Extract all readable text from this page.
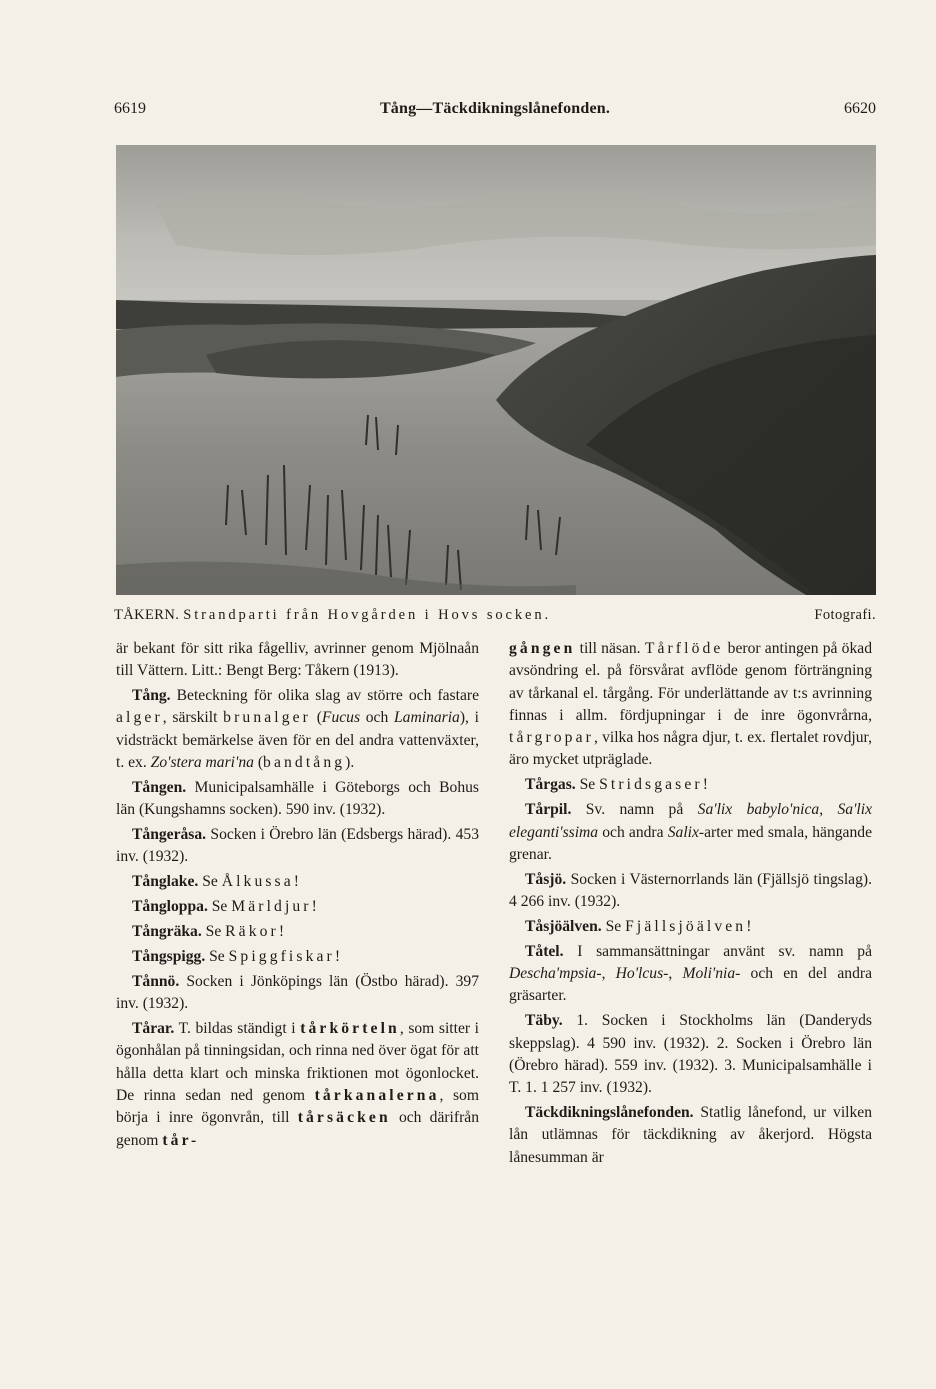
6619	Tång—Täckdikningslånefonden.	6620
TÅKERN. Strandparti från Hovgården i Hovs socken.	Fotografi.

är bekant för sitt rika fågelliv, avrinner genom Mjölnaån till Vättern. Litt.: Bengt Berg: Tåkern (1913).

Tång. Beteckning för olika slag av större och fastare alger, särskilt brunalger (Fucus och Laminaria), i vidsträckt bemärkelse även för en del andra vattenväxter, t. ex. Zo'stera mari'na (bandtång).

Tången. Municipalsamhälle i Göteborgs och Bohus län (Kungshamns socken). 590 inv. (1932).

Tångeråsa. Socken i Örebro län (Edsbergs härad). 453 inv. (1932).

Tånglake. Se Ålkussa!

Tångloppa. Se Märldjur!

Tångräka. Se Räkor!

Tångspigg. Se Spiggfiskar!

Tånnö. Socken i Jönköpings län (Östbo härad). 397 inv. (1932).

Tårar. T. bildas ständigt i tårkörteln, som sitter i ögonhålan på tinningsidan, och rinna ned över ögat för att hålla detta klart och minska friktionen mot ögonlocket. De rinna sedan ned genom tårkanalerna, som börja i inre ögonvrån, till tårsäcken och därifrån genom tår-

gången till näsan. Tårflöde beror antingen på ökad avsöndring el. på försvårat avflöde genom förträngning av tårkanal el. tårgång. För underlättande av t:s avrinning finnas i allm. fördjupningar i de inre ögonvrårna, tårgropar, vilka hos några djur, t. ex. flertalet rovdjur, äro mycket utpräglade.

Tårgas. Se Stridsgaser!

Tårpil. Sv. namn på Sa'lix babylo'nica, Sa'lix eleganti'ssima och andra Salix-arter med smala, hängande grenar.

Tåsjö. Socken i Västernorrlands län (Fjällsjö tingslag). 4 266 inv. (1932).

Tåsjöälven. Se Fjällsjöälven!

Tåtel. I sammansättningar använt sv. namn på Descha'mpsia-, Ho'lcus-, Moli'nia- och en del andra gräsarter.

Täby. 1. Socken i Stockholms län (Danderyds skeppslag). 4 590 inv. (1932). 2. Socken i Örebro län (Örebro härad). 559 inv. (1932). 3. Municipalsamhälle i T. 1. 1 257 inv. (1932).

Täckdikningslånefonden. Statlig lånefond, ur vilken lån utlämnas för täckdikning av åkerjord. Högsta lånesumman är
